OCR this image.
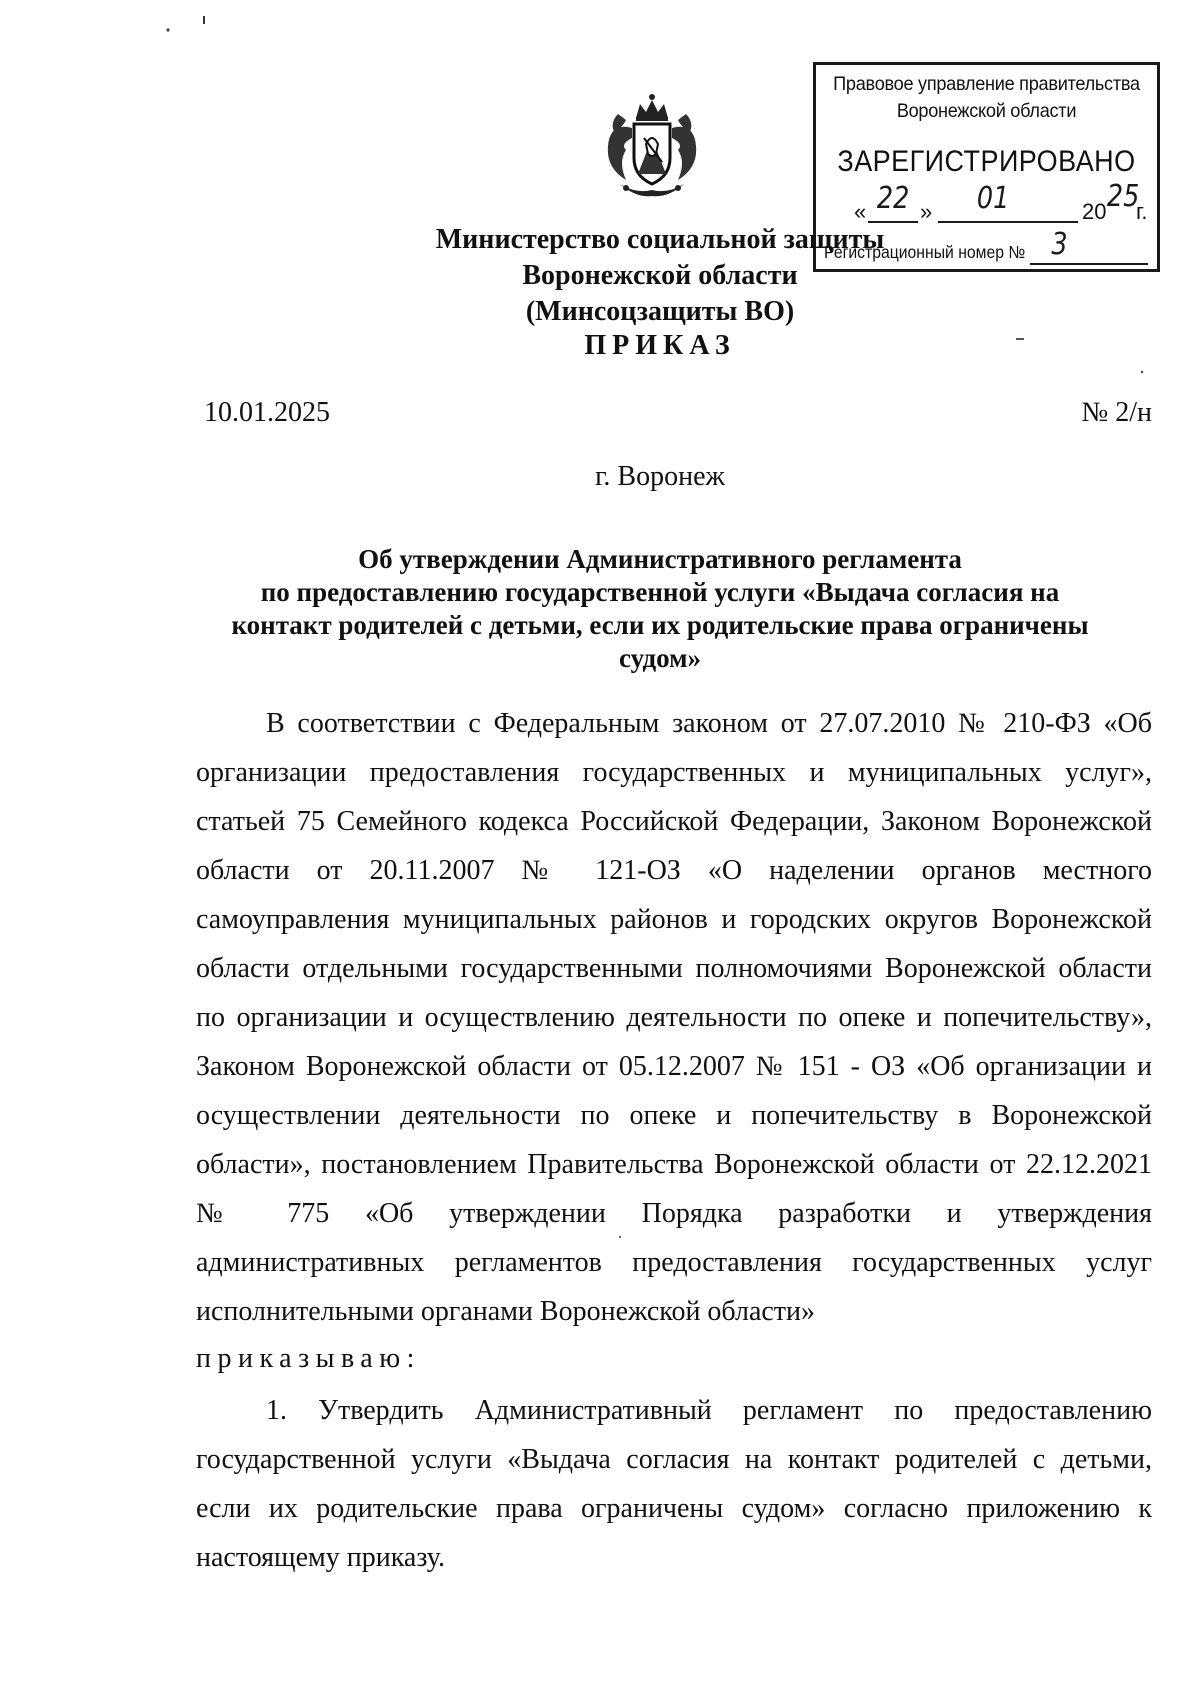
Правовое управление правительства
Воронежской области
ЗАРЕГИСТРИРОВАНО
« 22 » 01	20 25
г.
Регистрационный номер № 3
Министерство социальной защиты
Воронежской области
(Минсоцзащиты ВО)
ПРИКАЗ
10.01.2025	№ 2/н
г. Воронеж
Об утверждении Административного регламента
по предоставлению государственной услуги «Выдача согласия на
контакт родителей с детьми, если их родительские права ограничены
судом»
В соответствии с Федеральным законом от 27.07.2010 № 210-ФЗ «Об
организации предоставления государственных и муниципальных услуг»,
статьей 75 Семейного кодекса Российской Федерации, Законом Воронежской
области от 20.11.2007 № 121-ОЗ «О наделении органов местного
самоуправления муниципальных районов и городских округов Воронежской
области отдельными государственными полномочиями Воронежской области
по организации и осуществлению деятельности по опеке и попечительству»,
Законом Воронежской области от 05.12.2007 № 151 - ОЗ «Об организации и
осуществлении деятельности по опеке и попечительству в Воронежской
области», постановлением Правительства Воронежской области от 22.12.2021
№ 775 «Об утверждении Порядка разработки и утверждения
административных регламентов предоставления государственных услуг
исполнительными органами Воронежской области»
приказываю:
1. Утвердить Административный регламент по предоставлению
государственной услуги «Выдача согласия на контакт родителей с детьми,
если их родительские права ограничены судом» согласно приложению к
настоящему приказу.
